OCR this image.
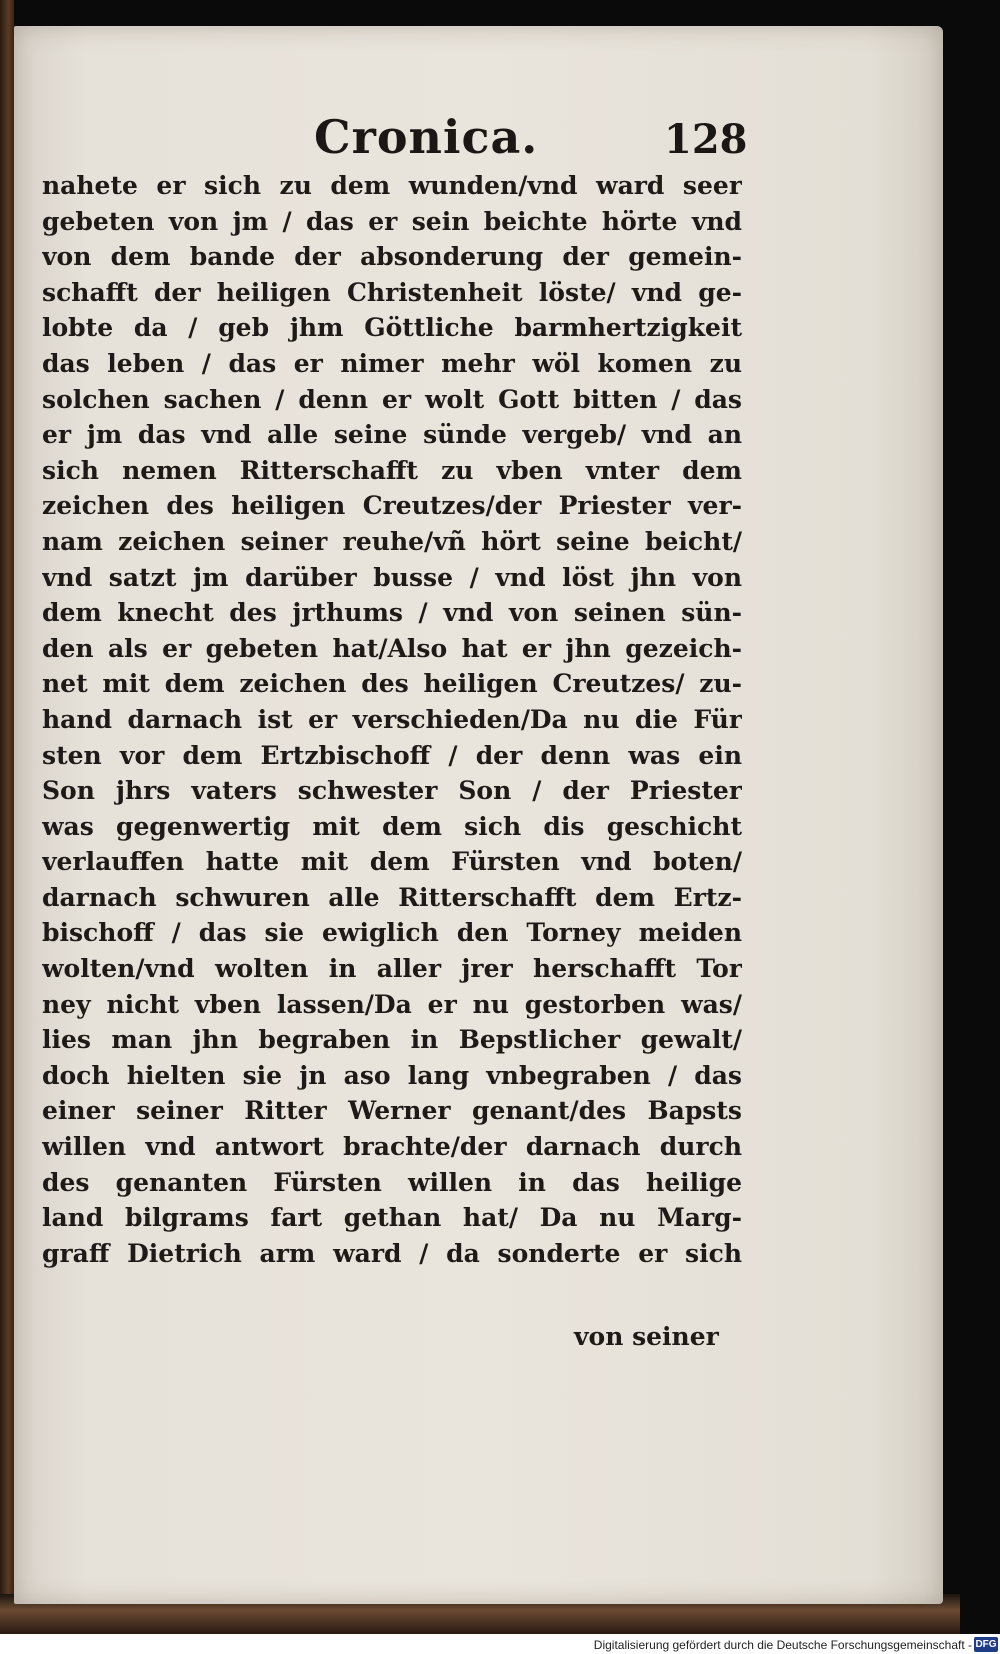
Cronica.	128
nahete er sich zu dem wunden/vnd ward seer
gebeten von jm / das er sein beichte hörte vnd
von dem bande der absonderung der gemein-
schafft der heiligen Christenheit löste/ vnd ge-
lobte da / geb jhm Göttliche barmhertzigkeit
das leben / das er nimer mehr wöl komen zu
solchen sachen / denn er wolt Gott bitten / das
er jm das vnd alle seine sünde vergeb/ vnd an
sich nemen Ritterschafft zu vben vnter dem
zeichen des heiligen Creutzes/der Priester ver-
nam zeichen seiner reuhe/vñ hört seine beicht/
vnd satzt jm darüber busse / vnd löst jhn von
dem knecht des jrthums / vnd von seinen sün-
den als er gebeten hat/Also hat er jhn gezeich-
net mit dem zeichen des heiligen Creutzes/ zu-
hand darnach ist er verschieden/Da nu die Für
sten vor dem Ertzbischoff / der denn was ein
Son jhrs vaters schwester Son / der Priester
was gegenwertig mit dem sich dis geschicht
verlauffen hatte mit dem Fürsten vnd boten/
darnach schwuren alle Ritterschafft dem Ertz-
bischoff / das sie ewiglich den Torney meiden
wolten/vnd wolten in aller jrer herschafft Tor
ney nicht vben lassen/Da er nu gestorben was/
lies man jhn begraben in Bepstlicher gewalt/
doch hielten sie jn aso lang vnbegraben / das
einer seiner Ritter Werner genant/des Bapsts
willen vnd antwort brachte/der darnach durch
des genanten Fürsten willen in das heilige
land bilgrams fart gethan hat/ Da nu Marg-
graff Dietrich arm ward / da sonderte er sich
von seiner
Digitalisierung gefördert durch die Deutsche Forschungsgemeinschaft - DFG
